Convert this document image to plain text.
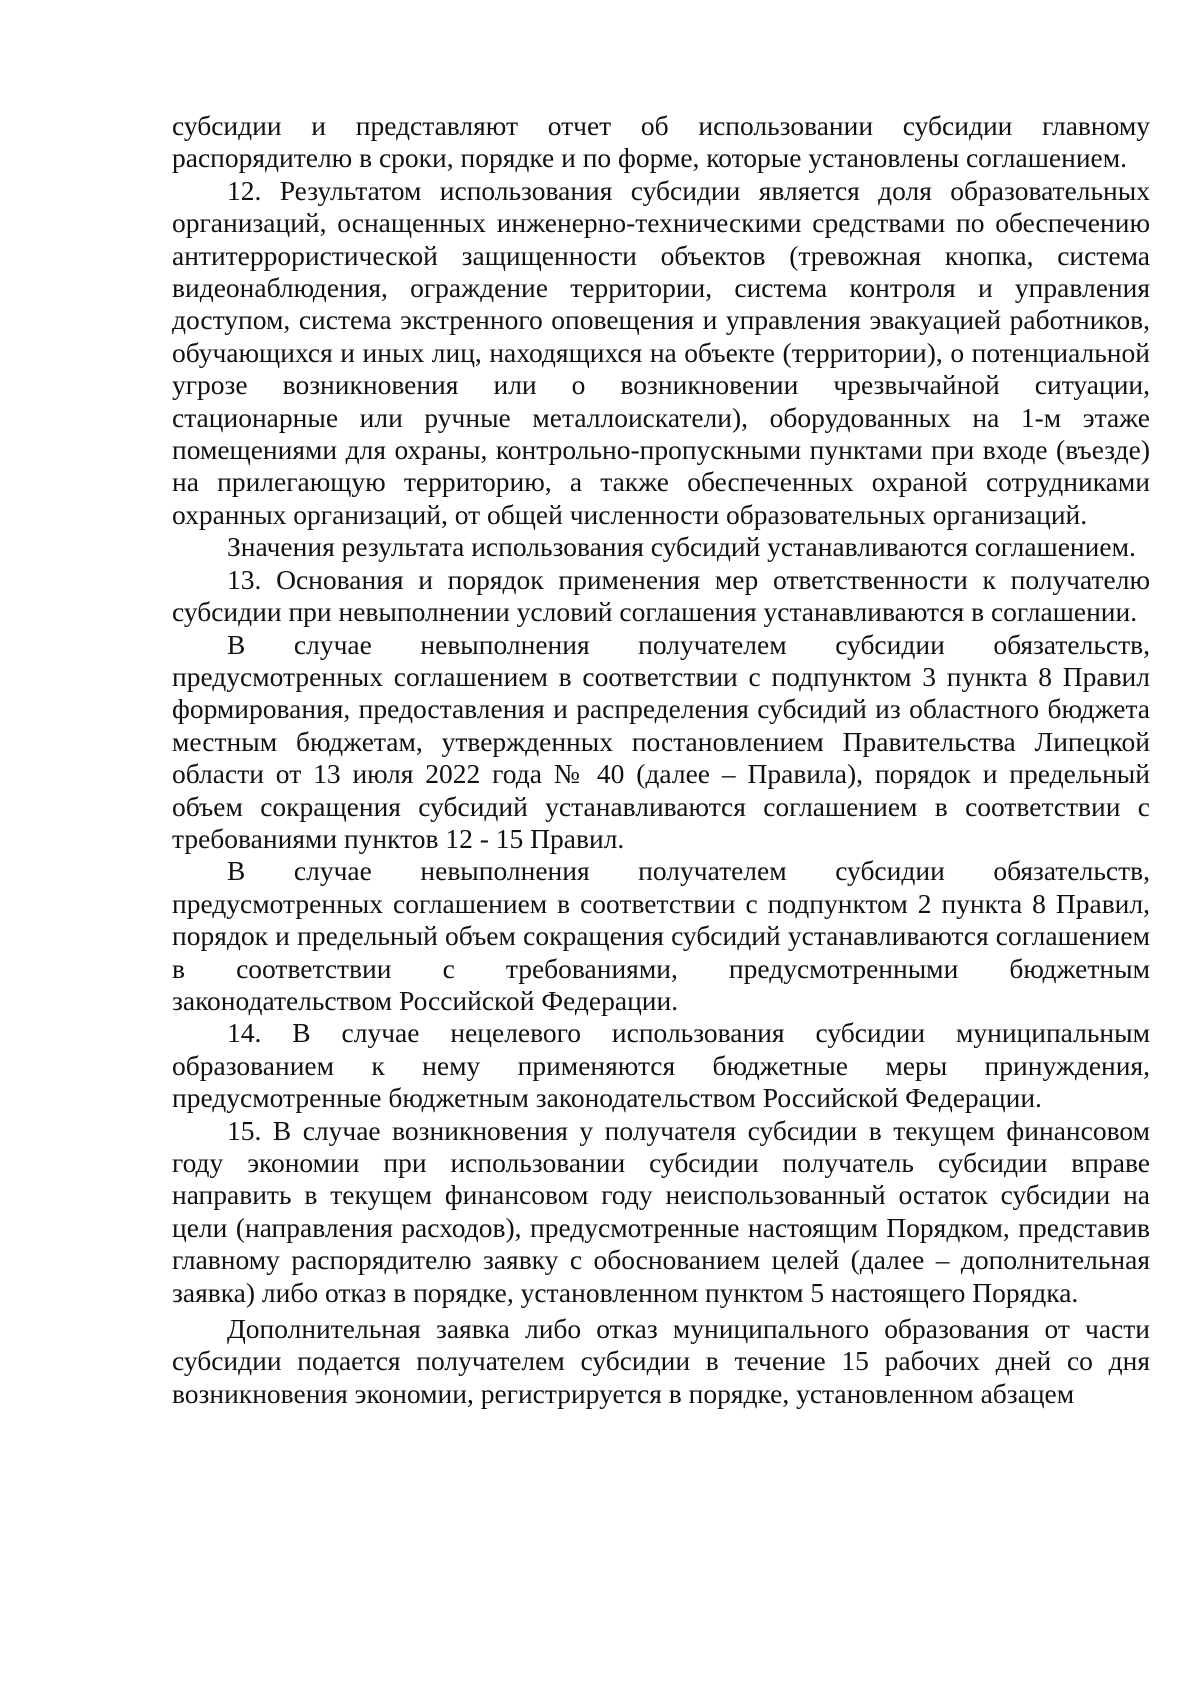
субсидии и представляют отчет об использовании субсидии главному распорядителю в сроки, порядке и по форме, которые установлены соглашением.

12. Результатом использования субсидии является доля образовательных организаций, оснащенных инженерно-техническими средствами по обеспечению антитеррористической защищенности объектов (тревожная кнопка, система видеонаблюдения, ограждение территории, система контроля и управления доступом, система экстренного оповещения и управления эвакуацией работников, обучающихся и иных лиц, находящихся на объекте (территории), о потенциальной угрозе возникновения или о возникновении чрезвычайной ситуации, стационарные или ручные металлоискатели), оборудованных на 1-м этаже помещениями для охраны, контрольно-пропускными пунктами при входе (въезде) на прилегающую территорию, а также обеспеченных охраной сотрудниками охранных организаций, от общей численности образовательных организаций.

Значения результата использования субсидий устанавливаются соглашением.

13. Основания и порядок применения мер ответственности к получателю субсидии при невыполнении условий соглашения устанавливаются в соглашении.

В случае невыполнения получателем субсидии обязательств, предусмотренных соглашением в соответствии с подпунктом 3 пункта 8 Правил формирования, предоставления и распределения субсидий из областного бюджета местным бюджетам, утвержденных постановлением Правительства Липецкой области от 13 июля 2022 года № 40 (далее – Правила), порядок и предельный объем сокращения субсидий устанавливаются соглашением в соответствии с требованиями пунктов 12 - 15 Правил.

В случае невыполнения получателем субсидии обязательств, предусмотренных соглашением в соответствии с подпунктом 2 пункта 8 Правил, порядок и предельный объем сокращения субсидий устанавливаются соглашением в соответствии с требованиями, предусмотренными бюджетным законодательством Российской Федерации.

14. В случае нецелевого использования субсидии муниципальным образованием к нему применяются бюджетные меры принуждения, предусмотренные бюджетным законодательством Российской Федерации.

15. В случае возникновения у получателя субсидии в текущем финансовом году экономии при использовании субсидии получатель субсидии вправе направить в текущем финансовом году неиспользованный остаток субсидии на цели (направления расходов), предусмотренные настоящим Порядком, представив главному распорядителю заявку с обоснованием целей (далее – дополнительная заявка) либо отказ в порядке, установленном пунктом 5 настоящего Порядка.

Дополнительная заявка либо отказ муниципального образования от части субсидии подается получателем субсидии в течение 15 рабочих дней со дня возникновения экономии, регистрируется в порядке, установленном абзацем
